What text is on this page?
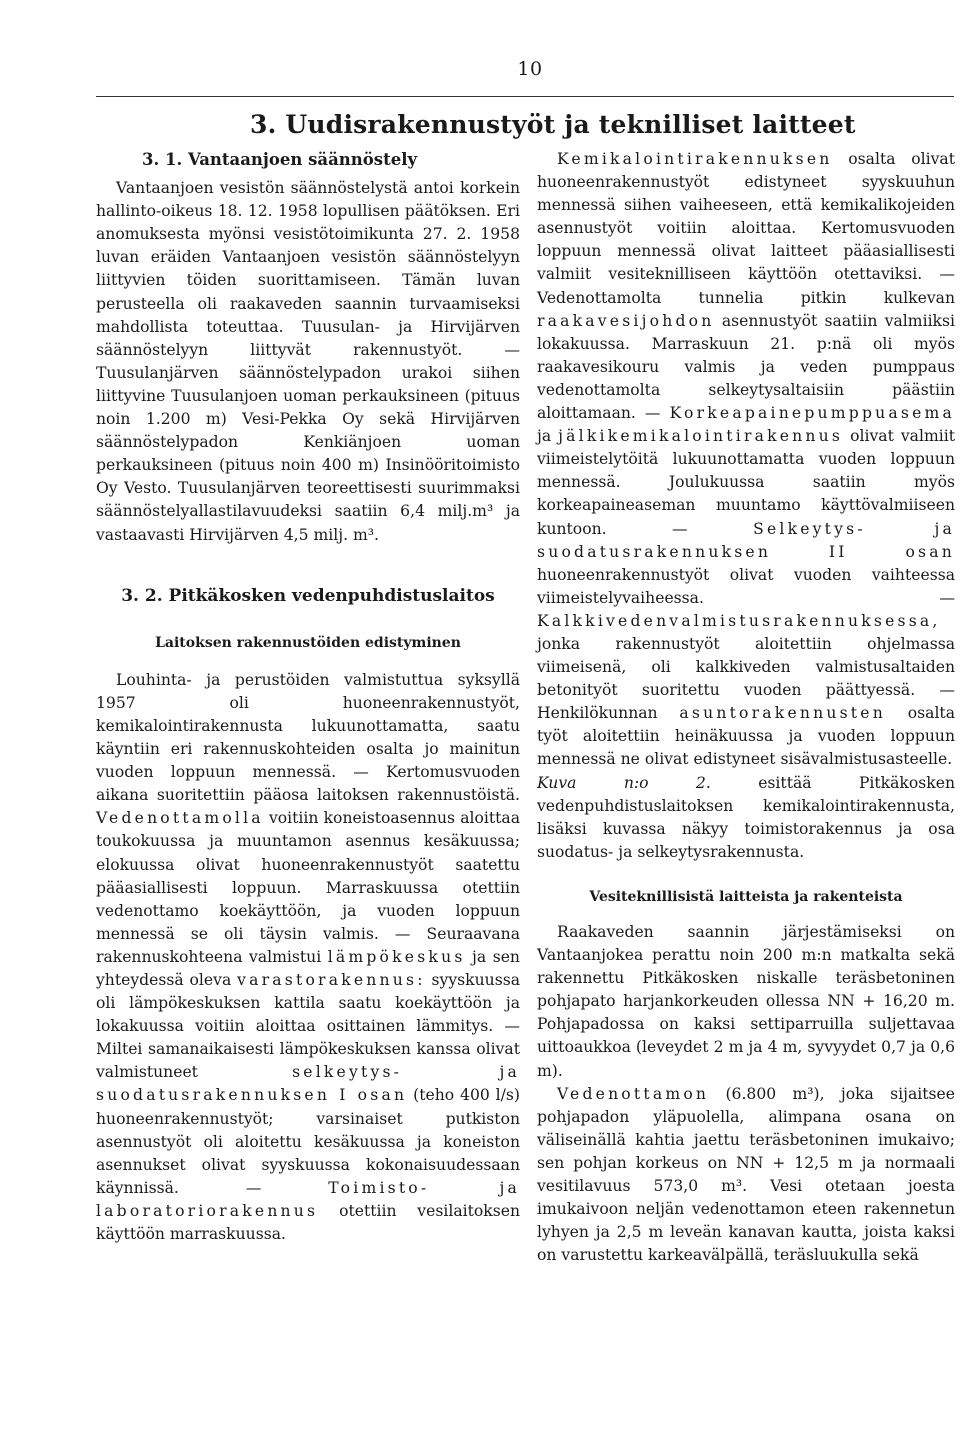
10
3. Uudisrakennustyöt ja teknilliset laitteet
3. 1. Vantaanjoen säännöstely

Vantaanjoen vesistön säännöstelystä antoi korkein hallinto-oikeus 18. 12. 1958 lopullisen päätöksen. Eri anomuksesta myönsi vesistötoimikunta 27. 2. 1958 luvan eräiden Vantaanjoen vesistön säännöstelyyn liittyvien töiden suorittamiseen. Tämän luvan perusteella oli raakaveden saannin turvaamiseksi mahdollista toteuttaa. Tuusulan- ja Hirvijärven säännöstelyyn liittyvät rakennustyöt. — Tuusulanjärven säännöstelypadon urakoi siihen liittyvine Tuusulanjoen uoman perkauksineen (pituus noin 1.200 m) Vesi-Pekka Oy sekä Hirvijärven säännöstelypadon Kenkiänjoen uoman perkauksineen (pituus noin 400 m) Insinööritoimisto Oy Vesto. Tuusulanjärven teoreettisesti suurimmaksi säännöstelyallastilavuudeksi saatiin 6,4 milj.m³ ja vastaavasti Hirvijärven 4,5 milj. m³.

3. 2. Pitkäkosken vedenpuhdistuslaitos
Laitoksen rakennustöiden edistyminen

Louhinta- ja perustöiden valmistuttua syksyllä 1957 oli huoneenrakennustyöt, kemikalointirakennusta lukuunottamatta, saatu käyntiin eri rakennuskohteiden osalta jo mainitun vuoden loppuun mennessä. — Kertomusvuoden aikana suoritettiin pääosa laitoksen rakennustöistä. Vedenottamolla voitiin koneistoasennus aloittaa toukokuussa ja muuntamon asennus kesäkuussa; elokuussa olivat huoneenrakennustyöt saatettu pääasiallisesti loppuun. Marraskuussa otettiin vedenottamo koekäyttöön, ja vuoden loppuun mennessä se oli täysin valmis. — Seuraavana rakennuskohteena valmistui lämpökeskus ja sen yhteydessä oleva varastorakennus: syyskuussa oli lämpökeskuksen kattila saatu koekäyttöön ja lokakuussa voitiin aloittaa osittainen lämmitys. — Miltei samanaikaisesti lämpökeskuksen kanssa olivat valmistuneet	selkeytys- ja suodatusrakennuksen I osan (teho 400 l/s) huoneenrakennustyöt; varsinaiset putkiston asennustyöt oli aloitettu kesäkuussa ja koneiston asennukset olivat syyskuussa kokonaisuudessaan käynnissä. —	Toimisto- ja laboratoriorakennus otettiin vesilaitoksen käyttöön marraskuussa.

Kemikalointirakennuksen osalta olivat huoneenrakennustyöt edistyneet syyskuuhun mennessä siihen vaiheeseen, että kemikalikojeiden asennustyöt voitiin aloittaa. Kertomusvuoden loppuun mennessä olivat laitteet pääasiallisesti valmiit vesiteknilliseen käyttöön otettaviksi. — Vedenottamolta tunnelia pitkin kulkevan raakavesijohdon asennustyöt saatiin valmiiksi lokakuussa. Marraskuun 21. p:nä oli myös raakavesikouru valmis ja veden pumppaus vedenottamolta selkeytysaltaisiin päästiin aloittamaan. — Korkeapainepumppuasema ja jälkikemikalointirakennus olivat valmiit viimeistelytöitä lukuunottamatta vuoden loppuun mennessä. Joulukuussa saatiin myös korkeapaineaseman muuntamo käyttövalmiiseen kuntoon. —	Selkeytys- ja suodatusrakennuksen II osan huoneenrakennustyöt olivat vuoden vaihteessa viimeistelyvaiheessa. — Kalkkivedenvalmistusrakennuksessa, jonka rakennustyöt aloitettiin ohjelmassa viimeisenä, oli kalkkiveden valmistusaltaiden betonityöt suoritettu vuoden päättyessä. — Henkilökunnan asuntorakennusten osalta työt aloitettiin heinäkuussa ja vuoden loppuun mennessä ne olivat edistyneet sisävalmistusasteelle.

Kuva n:o 2.	esittää Pitkäkosken vedenpuhdistuslaitoksen kemikalointirakennusta, lisäksi kuvassa näkyy toimistorakennus ja osa suodatus- ja selkeytysrakennusta.

Vesiteknillisistä laitteista ja rakenteista

Raakaveden saannin järjestämiseksi on Vantaanjokea perattu noin 200 m:n matkalta sekä rakennettu Pitkäkosken niskalle teräsbetoninen pohjapato harjankorkeuden ollessa NN + 16,20 m. Pohjapadossa on kaksi settiparruilla suljettavaa uittoaukkoa (leveydet 2 m ja 4 m, syvyydet 0,7 ja 0,6 m).

Vedenottamon (6.800 m³), joka sijaitsee pohjapadon yläpuolella, alimpana osana on väliseinällä kahtia jaettu teräsbetoninen imukaivo; sen pohjan korkeus on NN + 12,5 m ja normaali vesitilavuus 573,0 m³. Vesi otetaan joesta imukaivoon neljän vedenottamon eteen rakennetun lyhyen ja 2,5 m leveän kanavan kautta, joista kaksi on varustettu karkeavälpällä, teräsluukulla sekä
